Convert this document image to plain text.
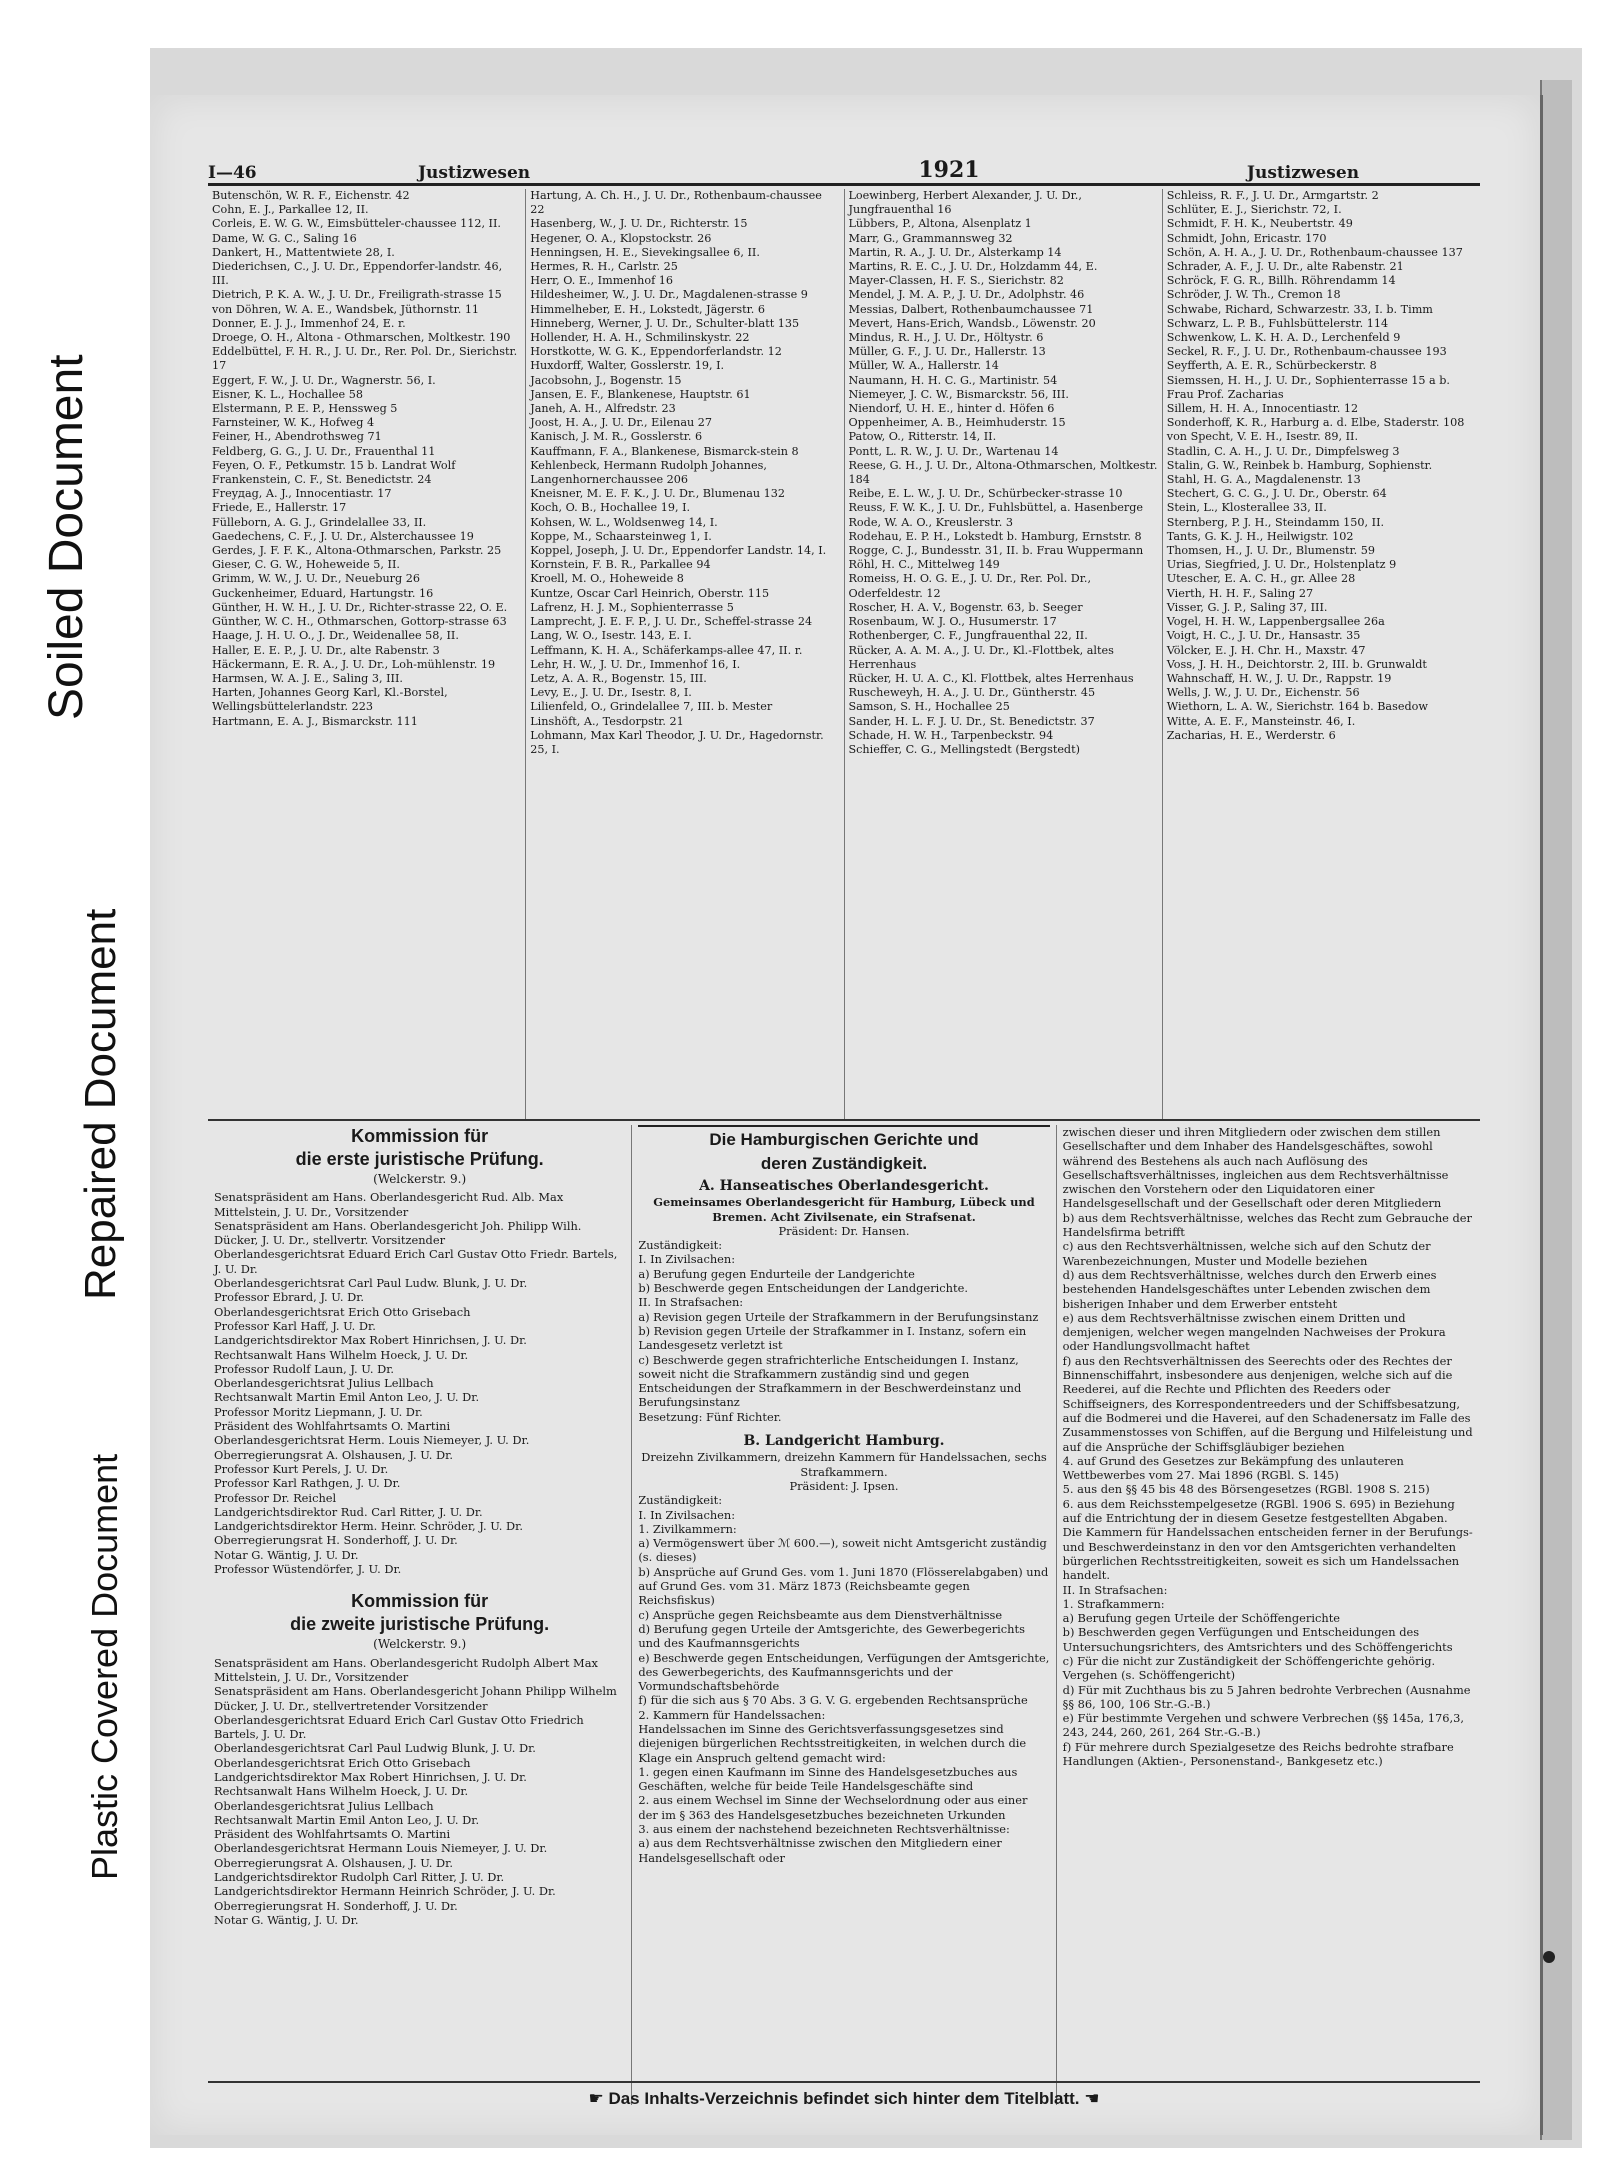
Soiled Document
Repaired Document
Plastic Covered Document
I—46	Justizwesen	1921	Justizwesen
Butenschön, W. R. F., Eichenstr. 42
Cohn, E. J., Parkallee 12, II.
Corleis, E. W. G. W., Eimsbütteler-chaussee 112, II.
Dame, W. G. C., Saling 16
Dankert, H., Mattentwiete 28, I.
Diederichsen, C., J. U. Dr., Eppendorfer-landstr. 46, III.
Dietrich, P. K. A. W., J. U. Dr., Freiligrath-strasse 15
von Döhren, W. A. E., Wandsbek, Jüthornstr. 11
Donner, E. J. J., Immenhof 24, E. r.
Droege, O. H., Altona - Othmarschen, Moltkestr. 190
Eddelbüttel, F. H. R., J. U. Dr., Rer. Pol. Dr., Sierichstr. 17
Eggert, F. W., J. U. Dr., Wagnerstr. 56, I.
Eisner, K. L., Hochallee 58
Elstermann, P. E. P., Henssweg 5
Farnsteiner, W. K., Hofweg 4
Feiner, H., Abendrothsweg 71
Feldberg, G. G., J. U. Dr., Frauenthal 11
Feyen, O. F., Petkumstr. 15 b. Landrat Wolf
Frankenstein, C. F., St. Benedictstr. 24
Freyдag, A. J., Innocentiastr. 17
Friede, E., Hallerstr. 17
Fülleborn, A. G. J., Grindelallee 33, II.
Gaedechens, C. F., J. U. Dr., Alsterchaussee 19
Gerdes, J. F. F. K., Altona-Othmarschen, Parkstr. 25
Gieser, C. G. W., Hoheweide 5, II.
Grimm, W. W., J. U. Dr., Neueburg 26
Guckenheimer, Eduard, Hartungstr. 16
Günther, H. W. H., J. U. Dr., Richter-strasse 22, O. E.
Günther, W. C. H., Othmarschen, Gottorp-strasse 63
Haage, J. H. U. O., J. Dr., Weidenallee 58, II.
Haller, E. E. P., J. U. Dr., alte Rabenstr. 3
Häckermann, E. R. A., J. U. Dr., Loh-mühlenstr. 19
Harmsen, W. A. J. E., Saling 3, III.
Harten, Johannes Georg Karl, Kl.-Borstel, Wellingsbüttelerlandstr. 223
Hartmann, E. A. J., Bismarckstr. 111
Hartung, A. Ch. H., J. U. Dr., Rothenbaum-chaussee 22
Hasenberg, W., J. U. Dr., Richterstr. 15
Hegener, O. A., Klopstockstr. 26
Henningsen, H. E., Sievekingsallee 6, II.
Hermes, R. H., Carlstr. 25
Herr, O. E., Immenhof 16
Hildesheimer, W., J. U. Dr., Magdalenen-strasse 9
Himmelheber, E. H., Lokstedt, Jägerstr. 6
Hinneberg, Werner, J. U. Dr., Schulter-blatt 135
Hollender, H. A. H., Schmilinskystr. 22
Horstkotte, W. G. K., Eppendorferlandstr. 12
Huxdorff, Walter, Gosslerstr. 19, I.
Jacobsohn, J., Bogenstr. 15
Jansen, E. F., Blankenese, Hauptstr. 61
Janeh, A. H., Alfredstr. 23
Joost, H. A., J. U. Dr., Eilenau 27
Kanisch, J. M. R., Gosslerstr. 6
Kauffmann, F. A., Blankenese, Bismarck-stein 8
Kehlenbeck, Hermann Rudolph Johannes, Langenhornerchaussee 206
Kneisner, M. E. F. K., J. U. Dr., Blumenau 132
Koch, O. B., Hochallee 19, I.
Kohsen, W. L., Woldsenweg 14, I.
Koppe, M., Schaarsteinweg 1, I.
Koppel, Joseph, J. U. Dr., Eppendorfer Landstr. 14, I.
Kornstein, F. B. R., Parkallee 94
Kroell, M. O., Hoheweide 8
Kuntze, Oscar Carl Heinrich, Oberstr. 115
Lafrenz, H. J. M., Sophienterrasse 5
Lamprecht, J. E. F. P., J. U. Dr., Scheffel-strasse 24
Lang, W. O., Isestr. 143, E. I.
Leffmann, K. H. A., Schäferkamps-allee 47, II. r.
Lehr, H. W., J. U. Dr., Immenhof 16, I.
Letz, A. A. R., Bogenstr. 15, III.
Levy, E., J. U. Dr., Isestr. 8, I.
Lilienfeld, O., Grindelallee 7, III. b. Mester
Linshöft, A., Tesdorpstr. 21
Lohmann, Max Karl Theodor, J. U. Dr., Hagedornstr. 25, I.
Loewinberg, Herbert Alexander, J. U. Dr., Jungfrauenthal 16
Lübbers, P., Altona, Alsenplatz 1
Marr, G., Grammannsweg 32
Martin, R. A., J. U. Dr., Alsterkamp 14
Martins, R. E. C., J. U. Dr., Holzdamm 44, E.
Mayer-Classen, H. F. S., Sierichstr. 82
Mendel, J. M. A. P., J. U. Dr., Adolphstr. 46
Messias, Dalbert, Rothenbaumchaussee 71
Mevert, Hans-Erich, Wandsb., Löwenstr. 20
Mindus, R. H., J. U. Dr., Höltystr. 6
Müller, G. F., J. U. Dr., Hallerstr. 13
Müller, W. A., Hallerstr. 14
Naumann, H. H. C. G., Martinistr. 54
Niemeyer, J. C. W., Bismarckstr. 56, III.
Niendorf, U. H. E., hinter d. Höfen 6
Oppenheimer, A. B., Heimhuderstr. 15
Patow, O., Ritterstr. 14, II.
Pontt, L. R. W., J. U. Dr., Wartenau 14
Reese, G. H., J. U. Dr., Altona-Othmarschen, Moltkestr. 184
Reibe, E. L. W., J. U. Dr., Schürbecker-strasse 10
Reuss, F. W. K., J. U. Dr., Fuhlsbüttel, a. Hasenberge
Rode, W. A. O., Kreuslerstr. 3
Rodehau, E. P. H., Lokstedt b. Hamburg, Ernststr. 8
Rogge, C. J., Bundesstr. 31, II. b. Frau Wuppermann
Röhl, H. C., Mittelweg 149
Romeiss, H. O. G. E., J. U. Dr., Rer. Pol. Dr., Oderfeldestr. 12
Roscher, H. A. V., Bogenstr. 63, b. Seeger
Rosenbaum, W. J. O., Husumerstr. 17
Rothenberger, C. F., Jungfrauenthal 22, II.
Rücker, A. A. M. A., J. U. Dr., Kl.-Flottbek, altes Herrenhaus
Rücker, H. U. A. C., Kl. Flottbek, altes Herrenhaus
Ruscheweyh, H. A., J. U. Dr., Güntherstr. 45
Samson, S. H., Hochallee 25
Sander, H. L. F. J. U. Dr., St. Benedictstr. 37
Schade, H. W. H., Tarpenbeckstr. 94
Schieffer, C. G., Mellingstedt (Bergstedt)
Schleiss, R. F., J. U. Dr., Armgartstr. 2
Schlüter, E. J., Sierichstr. 72, I.
Schmidt, F. H. K., Neubertstr. 49
Schmidt, John, Ericastr. 170
Schön, A. H. A., J. U. Dr., Rothenbaum-chaussee 137
Schrader, A. F., J. U. Dr., alte Rabenstr. 21
Schröck, F. G. R., Billh. Röhrendamm 14
Schröder, J. W. Th., Cremon 18
Schwabe, Richard, Schwarzestr. 33, I. b. Timm
Schwarz, L. P. B., Fuhlsbüttelerstr. 114
Schwenkow, L. K. H. A. D., Lerchenfeld 9
Seckel, R. F., J. U. Dr., Rothenbaum-chaussee 193
Seyfferth, A. E. R., Schürbeckerstr. 8
Siemssen, H. H., J. U. Dr., Sophienterrasse 15 a b. Frau Prof. Zacharias
Sillem, H. H. A., Innocentiastr. 12
Sonderhoff, K. R., Harburg a. d. Elbe, Staderstr. 108
von Specht, V. E. H., Isestr. 89, II.
Stadlin, C. A. H., J. U. Dr., Dimpfelsweg 3
Stalin, G. W., Reinbek b. Hamburg, Sophienstr.
Stahl, H. G. A., Magdalenenstr. 13
Stechert, G. C. G., J. U. Dr., Oberstr. 64
Stein, L., Klosterallee 33, II.
Sternberg, P. J. H., Steindamm 150, II.
Tants, G. K. J. H., Heilwigstr. 102
Thomsen, H., J. U. Dr., Blumenstr. 59
Urias, Siegfried, J. U. Dr., Holstenplatz 9
Utescher, E. A. C. H., gr. Allee 28
Vierth, H. H. F., Saling 27
Visser, G. J. P., Saling 37, III.
Vogel, H. H. W., Lappenbergsallee 26a
Voigt, H. C., J. U. Dr., Hansastr. 35
Völcker, E. J. H. Chr. H., Maxstr. 47
Voss, J. H. H., Deichtorstr. 2, III. b. Grunwaldt
Wahnschaff, H. W., J. U. Dr., Rappstr. 19
Wells, J. W., J. U. Dr., Eichenstr. 56
Wiethorn, L. A. W., Sierichstr. 164 b. Basedow
Witte, A. E. F., Mansteinstr. 46, I.
Zacharias, H. E., Werderstr. 6
Kommission für
die erste juristische Prüfung.
(Welckerstr. 9.)
Senatspräsident am Hans. Oberlandesgericht Rud. Alb. Max Mittelstein, J. U. Dr., Vorsitzender
Senatspräsident am Hans. Oberlandesgericht Joh. Philipp Wilh. Dücker, J. U. Dr., stellvertr. Vorsitzender
Oberlandesgerichtsrat Eduard Erich Carl Gustav Otto Friedr. Bartels, J. U. Dr.
Oberlandesgerichtsrat Carl Paul Ludw. Blunk, J. U. Dr.
Professor Ebrard, J. U. Dr.
Oberlandesgerichtsrat Erich Otto Grisebach
Professor Karl Haff, J. U. Dr.
Landgerichtsdirektor Max Robert Hinrichsen, J. U. Dr.
Rechtsanwalt Hans Wilhelm Hoeck, J. U. Dr.
Professor Rudolf Laun, J. U. Dr.
Oberlandesgerichtsrat Julius Lellbach
Rechtsanwalt Martin Emil Anton Leo, J. U. Dr.
Professor Moritz Liepmann, J. U. Dr.
Präsident des Wohlfahrtsamts O. Martini
Oberlandesgerichtsrat Herm. Louis Niemeyer, J. U. Dr.
Oberregierungsrat A. Olshausen, J. U. Dr.
Professor Kurt Perels, J. U. Dr.
Professor Karl Rathgen, J. U. Dr.
Professor Dr. Reichel
Landgerichtsdirektor Rud. Carl Ritter, J. U. Dr.
Landgerichtsdirektor Herm. Heinr. Schröder, J. U. Dr.
Oberregierungsrat H. Sonderhoff, J. U. Dr.
Notar G. Wäntig, J. U. Dr.
Professor Wüstendörfer, J. U. Dr.
Kommission für
die zweite juristische Prüfung.
(Welckerstr. 9.)
Senatspräsident am Hans. Oberlandesgericht Rudolph Albert Max Mittelstein, J. U. Dr., Vorsitzender
Senatspräsident am Hans. Oberlandesgericht Johann Philipp Wilhelm Dücker, J. U. Dr., stellvertretender Vorsitzender
Oberlandesgerichtsrat Eduard Erich Carl Gustav Otto Friedrich Bartels, J. U. Dr.
Oberlandesgerichtsrat Carl Paul Ludwig Blunk, J. U. Dr.
Oberlandesgerichtsrat Erich Otto Grisebach
Landgerichtsdirektor Max Robert Hinrichsen, J. U. Dr.
Rechtsanwalt Hans Wilhelm Hoeck, J. U. Dr.
Oberlandesgerichtsrat Julius Lellbach
Rechtsanwalt Martin Emil Anton Leo, J. U. Dr.
Präsident des Wohlfahrtsamts O. Martini
Oberlandesgerichtsrat Hermann Louis Niemeyer, J. U. Dr.
Oberregierungsrat A. Olshausen, J. U. Dr.
Landgerichtsdirektor Rudolph Carl Ritter, J. U. Dr.
Landgerichtsdirektor Hermann Heinrich Schröder, J. U. Dr.
Oberregierungsrat H. Sonderhoff, J. U. Dr.
Notar G. Wäntig, J. U. Dr.
Die Hamburgischen Gerichte und
deren Zuständigkeit.
A. Hanseatisches Oberlandesgericht.
Gemeinsames Oberlandesgericht für Hamburg, Lübeck und Bremen. Acht Zivilsenate, ein Strafsenat.
Präsident: Dr. Hansen.
Zuständigkeit:
I. In Zivilsachen:
a) Berufung gegen Endurteile der Landgerichte
b) Beschwerde gegen Entscheidungen der Landgerichte.
II. In Strafsachen:
a) Revision gegen Urteile der Strafkammern in der Berufungsinstanz
b) Revision gegen Urteile der Strafkammer in I. Instanz, sofern ein Landesgesetz verletzt ist
c) Beschwerde gegen strafrichterliche Entscheidungen I. Instanz, soweit nicht die Strafkammern zuständig sind und gegen Entscheidungen der Strafkammern in der Beschwerdeinstanz und Berufungsinstanz
Besetzung: Fünf Richter.
B. Landgericht Hamburg.
Dreizehn Zivilkammern, dreizehn Kammern für Handelssachen, sechs Strafkammern.
Präsident: J. Ipsen.
Zuständigkeit:
I. In Zivilsachen:
1. Zivilkammern:
a) Vermögenswert über ℳ 600.—), soweit nicht Amtsgericht zuständig (s. dieses)
b) Ansprüche auf Grund Ges. vom 1. Juni 1870 (Flösserelabgaben) und auf Grund Ges. vom 31. März 1873 (Reichsbeamte gegen Reichsfiskus)
c) Ansprüche gegen Reichsbeamte aus dem Dienstverhältnisse
d) Berufung gegen Urteile der Amtsgerichte, des Gewerbegerichts und des Kaufmannsgerichts
e) Beschwerde gegen Entscheidungen, Verfügungen der Amtsgerichte, des Gewerbegerichts, des Kaufmannsgerichts und der Vormundschaftsbehörde
f) für die sich aus § 70 Abs. 3 G. V. G. ergebenden Rechtsansprüche
2. Kammern für Handelssachen:
Handelssachen im Sinne des Gerichtsverfassungsgesetzes sind diejenigen bürgerlichen Rechtsstreitigkeiten, in welchen durch die Klage ein Anspruch geltend gemacht wird:
1. gegen einen Kaufmann im Sinne des Handelsgesetzbuches aus Geschäften, welche für beide Teile Handelsgeschäfte sind
2. aus einem Wechsel im Sinne der Wechselordnung oder aus einer der im § 363 des Handelsgesetzbuches bezeichneten Urkunden
3. aus einem der nachstehend bezeichneten Rechtsverhältnisse:
a) aus dem Rechtsverhältnisse zwischen den Mitgliedern einer Handelsgesellschaft oder
zwischen dieser und ihren Mitgliedern oder zwischen dem stillen Gesellschafter und dem Inhaber des Handelsgeschäftes, sowohl während des Bestehens als auch nach Auflösung des Gesellschaftsverhältnisses, ingleichen aus dem Rechtsverhältnisse zwischen den Vorstehern oder den Liquidatoren einer Handelsgesellschaft und der Gesellschaft oder deren Mitgliedern
b) aus dem Rechtsverhältnisse, welches das Recht zum Gebrauche der Handelsfirma betrifft
c) aus den Rechtsverhältnissen, welche sich auf den Schutz der Warenbezeichnungen, Muster und Modelle beziehen
d) aus dem Rechtsverhältnisse, welches durch den Erwerb eines bestehenden Handelsgeschäftes unter Lebenden zwischen dem bisherigen Inhaber und dem Erwerber entsteht
e) aus dem Rechtsverhältnisse zwischen einem Dritten und demjenigen, welcher wegen mangelnden Nachweises der Prokura oder Handlungsvollmacht haftet
f) aus den Rechtsverhältnissen des Seerechts oder des Rechtes der Binnenschiffahrt, insbesondere aus denjenigen, welche sich auf die Reederei, auf die Rechte und Pflichten des Reeders oder Schiffseigners, des Korrespondentreeders und der Schiffsbesatzung, auf die Bodmerei und die Haverei, auf den Schadenersatz im Falle des Zusammenstosses von Schiffen, auf die Bergung und Hilfeleistung und auf die Ansprüche der Schiffsgläubiger beziehen
4. auf Grund des Gesetzes zur Bekämpfung des unlauteren Wettbewerbes vom 27. Mai 1896 (RGBl. S. 145)
5. aus den §§ 45 bis 48 des Börsengesetzes (RGBl. 1908 S. 215)
6. aus dem Reichsstempelgesetze (RGBl. 1906 S. 695) in Beziehung auf die Entrichtung der in diesem Gesetze festgestellten Abgaben.
Die Kammern für Handelssachen entscheiden ferner in der Berufungs- und Beschwerdeinstanz in den vor den Amtsgerichten verhandelten bürgerlichen Rechtsstreitigkeiten, soweit es sich um Handelssachen handelt.
II. In Strafsachen:
1. Strafkammern:
a) Berufung gegen Urteile der Schöffengerichte
b) Beschwerden gegen Verfügungen und Entscheidungen des Untersuchungsrichters, des Amtsrichters und des Schöffengerichts
c) Für die nicht zur Zuständigkeit der Schöffengerichte gehörig. Vergehen (s. Schöffengericht)
d) Für mit Zuchthaus bis zu 5 Jahren bedrohte Verbrechen (Ausnahme §§ 86, 100, 106 Str.-G.-B.)
e) Für bestimmte Vergehen und schwere Verbrechen (§§ 145a, 176,3, 243, 244, 260, 261, 264 Str.-G.-B.)
f) Für mehrere durch Spezialgesetze des Reichs bedrohte strafbare Handlungen (Aktien-, Personenstand-, Bankgesetz etc.)
☛ Das Inhalts-Verzeichnis befindet sich hinter dem Titelblatt. ☚
